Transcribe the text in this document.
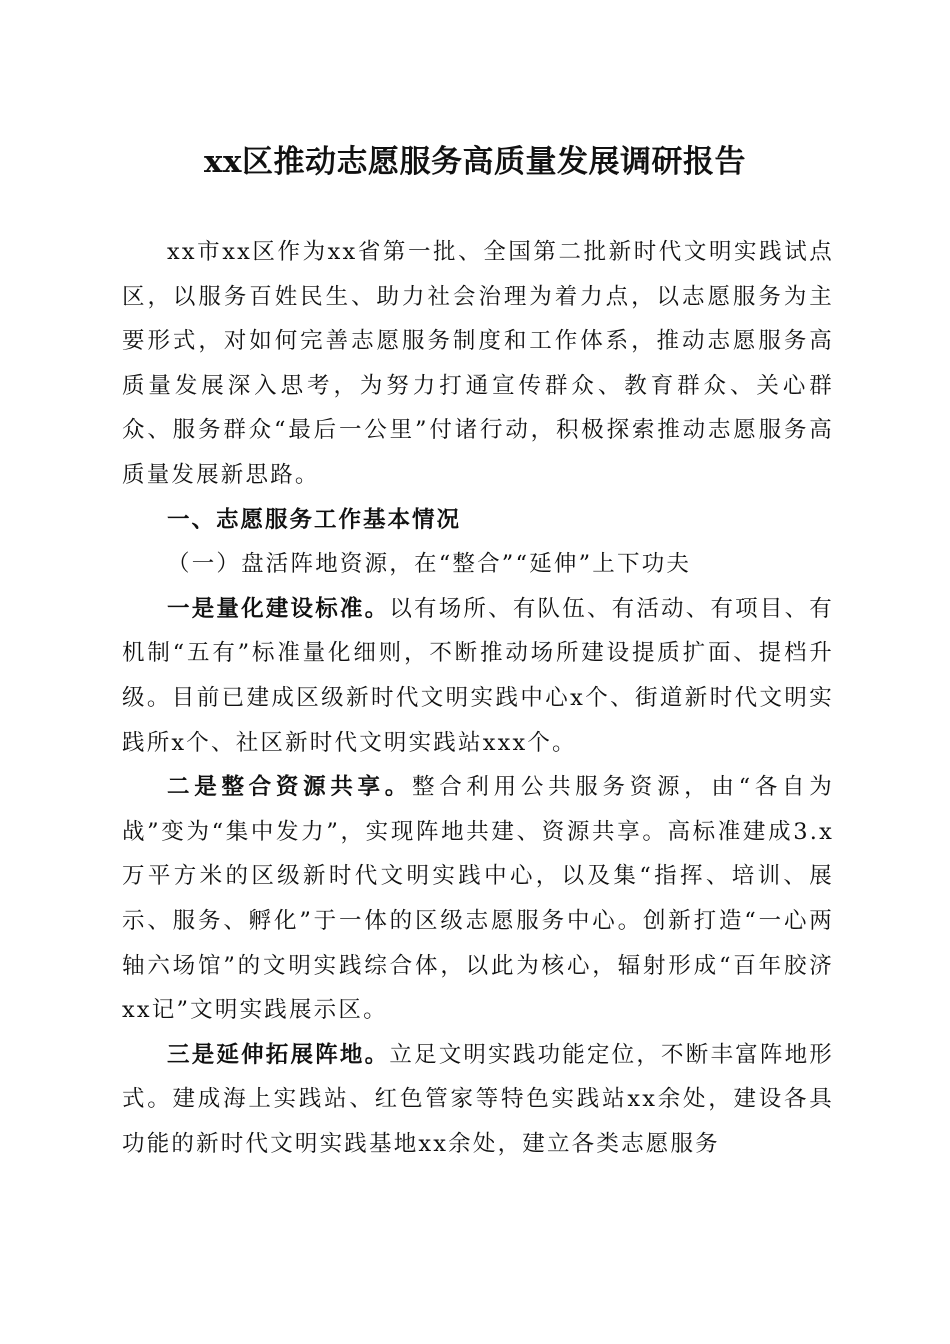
xx区推动志愿服务高质量发展调研报告

xx市xx区作为xx省第一批、全国第二批新时代文明实践试点区，以服务百姓民生、助力社会治理为着力点，以志愿服务为主要形式，对如何完善志愿服务制度和工作体系，推动志愿服务高质量发展深入思考，为努力打通宣传群众、教育群众、关心群众、服务群众“最后一公里”付诸行动，积极探索推动志愿服务高质量发展新思路。

一、志愿服务工作基本情况

（一）盘活阵地资源，在“整合”“延伸”上下功夫

一是量化建设标准。以有场所、有队伍、有活动、有项目、有机制“五有”标准量化细则，不断推动场所建设提质扩面、提档升级。目前已建成区级新时代文明实践中心x个、街道新时代文明实践所x个、社区新时代文明实践站xxx个。

二是整合资源共享。整合利用公共服务资源，由“各自为战”变为“集中发力”，实现阵地共建、资源共享。高标准建成3.x万平方米的区级新时代文明实践中心，以及集“指挥、培训、展示、服务、孵化”于一体的区级志愿服务中心。创新打造“一心两轴六场馆”的文明实践综合体，以此为核心，辐射形成“百年胶济xx记”文明实践展示区。

三是延伸拓展阵地。立足文明实践功能定位，不断丰富阵地形式。建成海上实践站、红色管家等特色实践站xx余处，建设各具功能的新时代文明实践基地xx余处，建立各类志愿服务
